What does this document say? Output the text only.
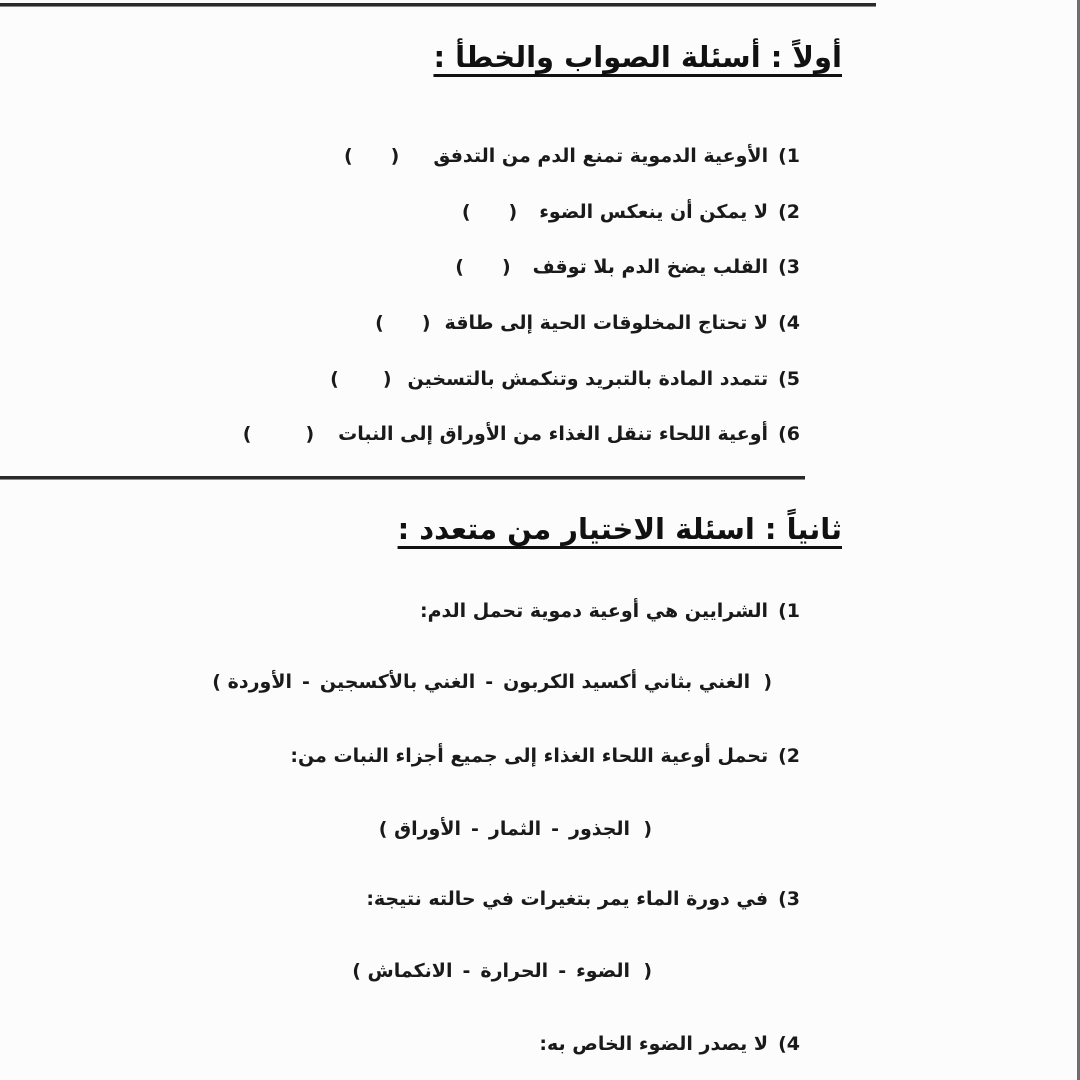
أولاً : أسئلة الصواب والخطأ :
1)الأوعية الدموية تمنع الدم من التدفق()
2)لا يمكن أن ينعكس الضوء()
3)القلب يضخ الدم بلا توقف()
4)لا تحتاج المخلوقات الحية إلى طاقة()
5)تتمدد المادة بالتبريد وتنكمش بالتسخين()
6)أوعية اللحاء تنقل الغذاء من الأوراق إلى النبات()
ثانياً : اسئلة الاختيار من متعدد :
1)الشرايين هي أوعية دموية تحمل الدم:
(  الغني بثاني أكسيد الكربون-الغني بالأكسجين-الأوردة )
2)تحمل أوعية اللحاء الغذاء إلى جميع أجزاء النبات من:
(  الجذور-الثمار-الأوراق )
3)في دورة الماء يمر بتغيرات في حالته نتيجة:
(  الضوء-الحرارة-الانكماش )
4)لا يصدر الضوء الخاص به:
